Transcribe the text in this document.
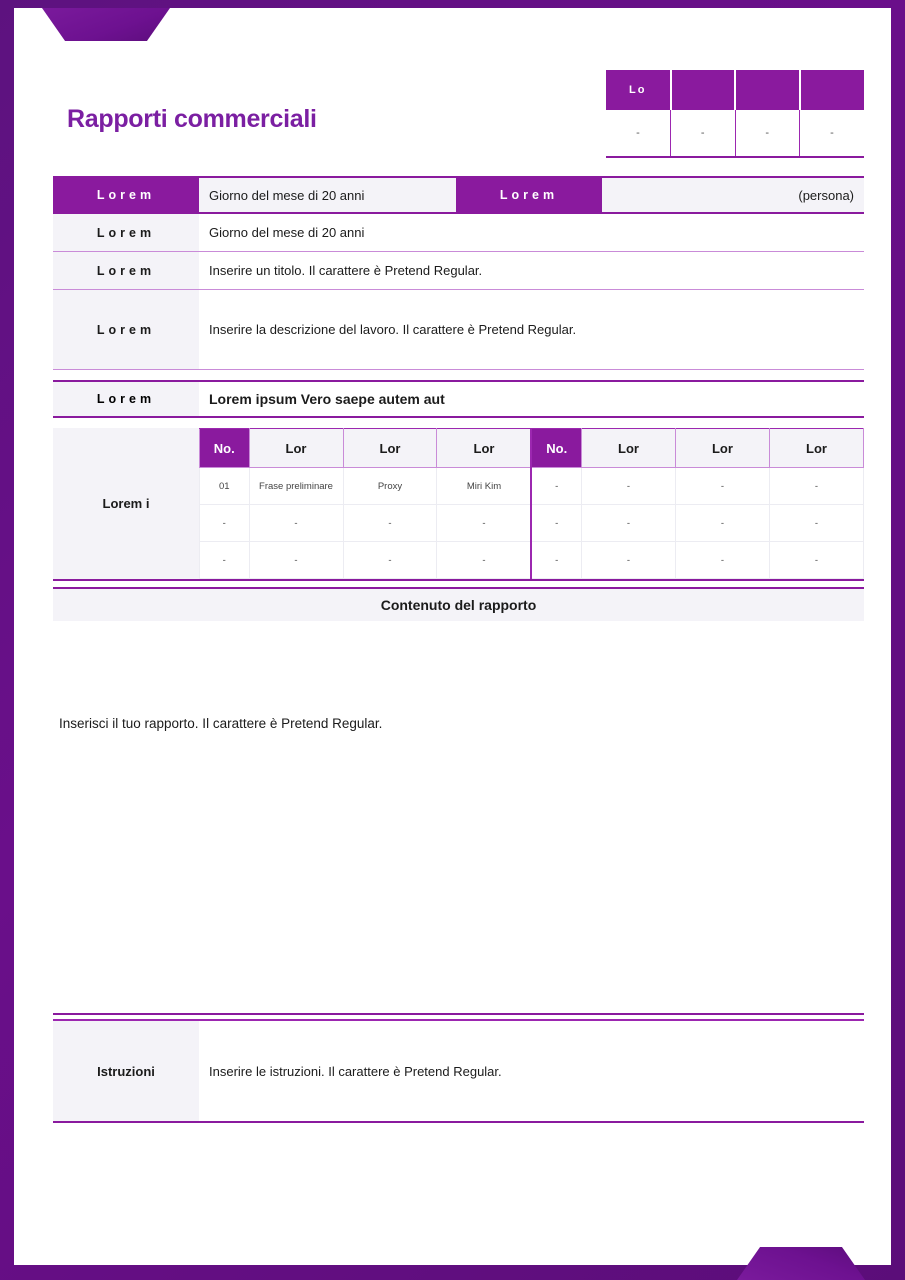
Rapporti commerciali
Lo			
-	-	-	-
Lorem	Giorno del mese di 20 anni	Lorem	(persona)
Lorem	Giorno del mese di 20 anni
Lorem	Inserire un titolo. Il carattere è Pretend Regular.
Lorem	Inserire la descrizione del lavoro. Il carattere è Pretend Regular.
Lorem	Lorem ipsum Vero saepe autem aut
Lorem i
No.	Lor	Lor	Lor	No.	Lor	Lor	Lor
01	Frase preliminare	Proxy	Miri Kim	-	-	-	-
-	-	-	-	-	-	-	-
-	-	-	-	-	-	-	-
Contenuto del rapporto
Inserisci il tuo rapporto. Il carattere è Pretend Regular.
Istruzioni	Inserire le istruzioni. Il carattere è Pretend Regular.
